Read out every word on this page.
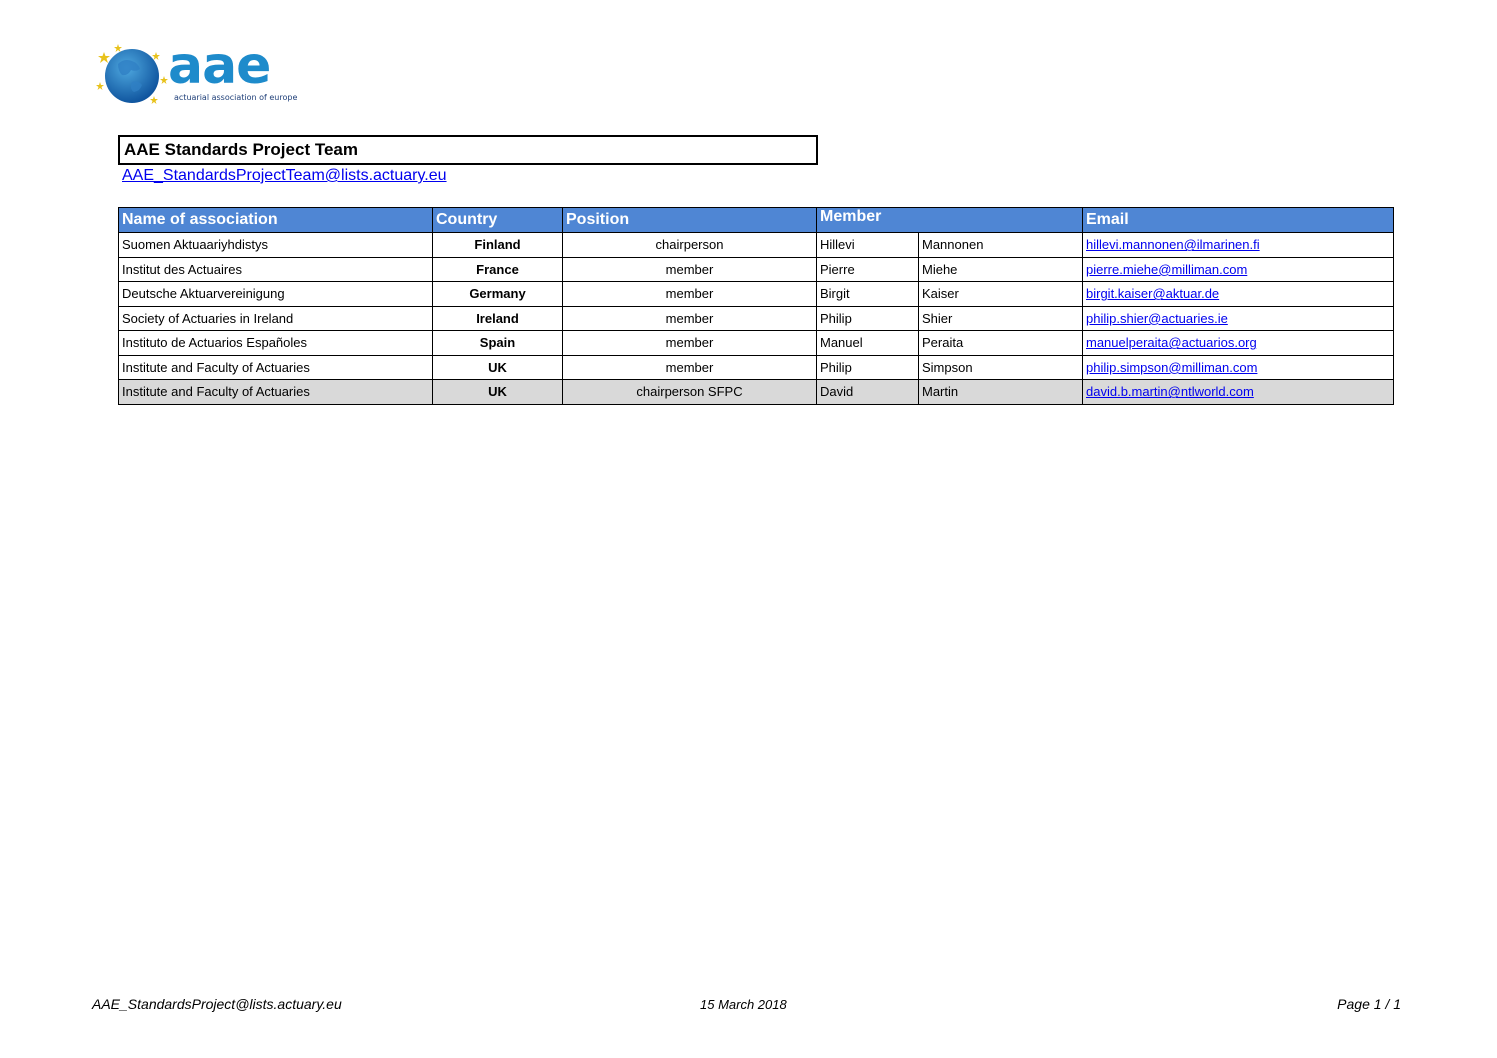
aae
actuarial association of europe
AAE Standards Project Team
AAE_StandardsProjectTeam@lists.actuary.eu
Name of association	Country	Position	Member		Email
Suomen Aktuaariyhdistys	Finland	chairperson	Hillevi	Mannonen	hillevi.mannonen@ilmarinen.fi
Institut des Actuaires	France	member	Pierre	Miehe	pierre.miehe@milliman.com
Deutsche Aktuarvereinigung	Germany	member	Birgit	Kaiser	birgit.kaiser@aktuar.de
Society of Actuaries in Ireland	Ireland	member	Philip	Shier	philip.shier@actuaries.ie
Instituto de Actuarios Españoles	Spain	member	Manuel	Peraita	manuelperaita@actuarios.org
Institute and Faculty of Actuaries	UK	member	Philip	Simpson	philip.simpson@milliman.com
Institute and Faculty of Actuaries	UK	chairperson SFPC	David	Martin	david.b.martin@ntlworld.com
AAE_StandardsProject@lists.actuary.eu	15 March 2018	Page 1 / 1
